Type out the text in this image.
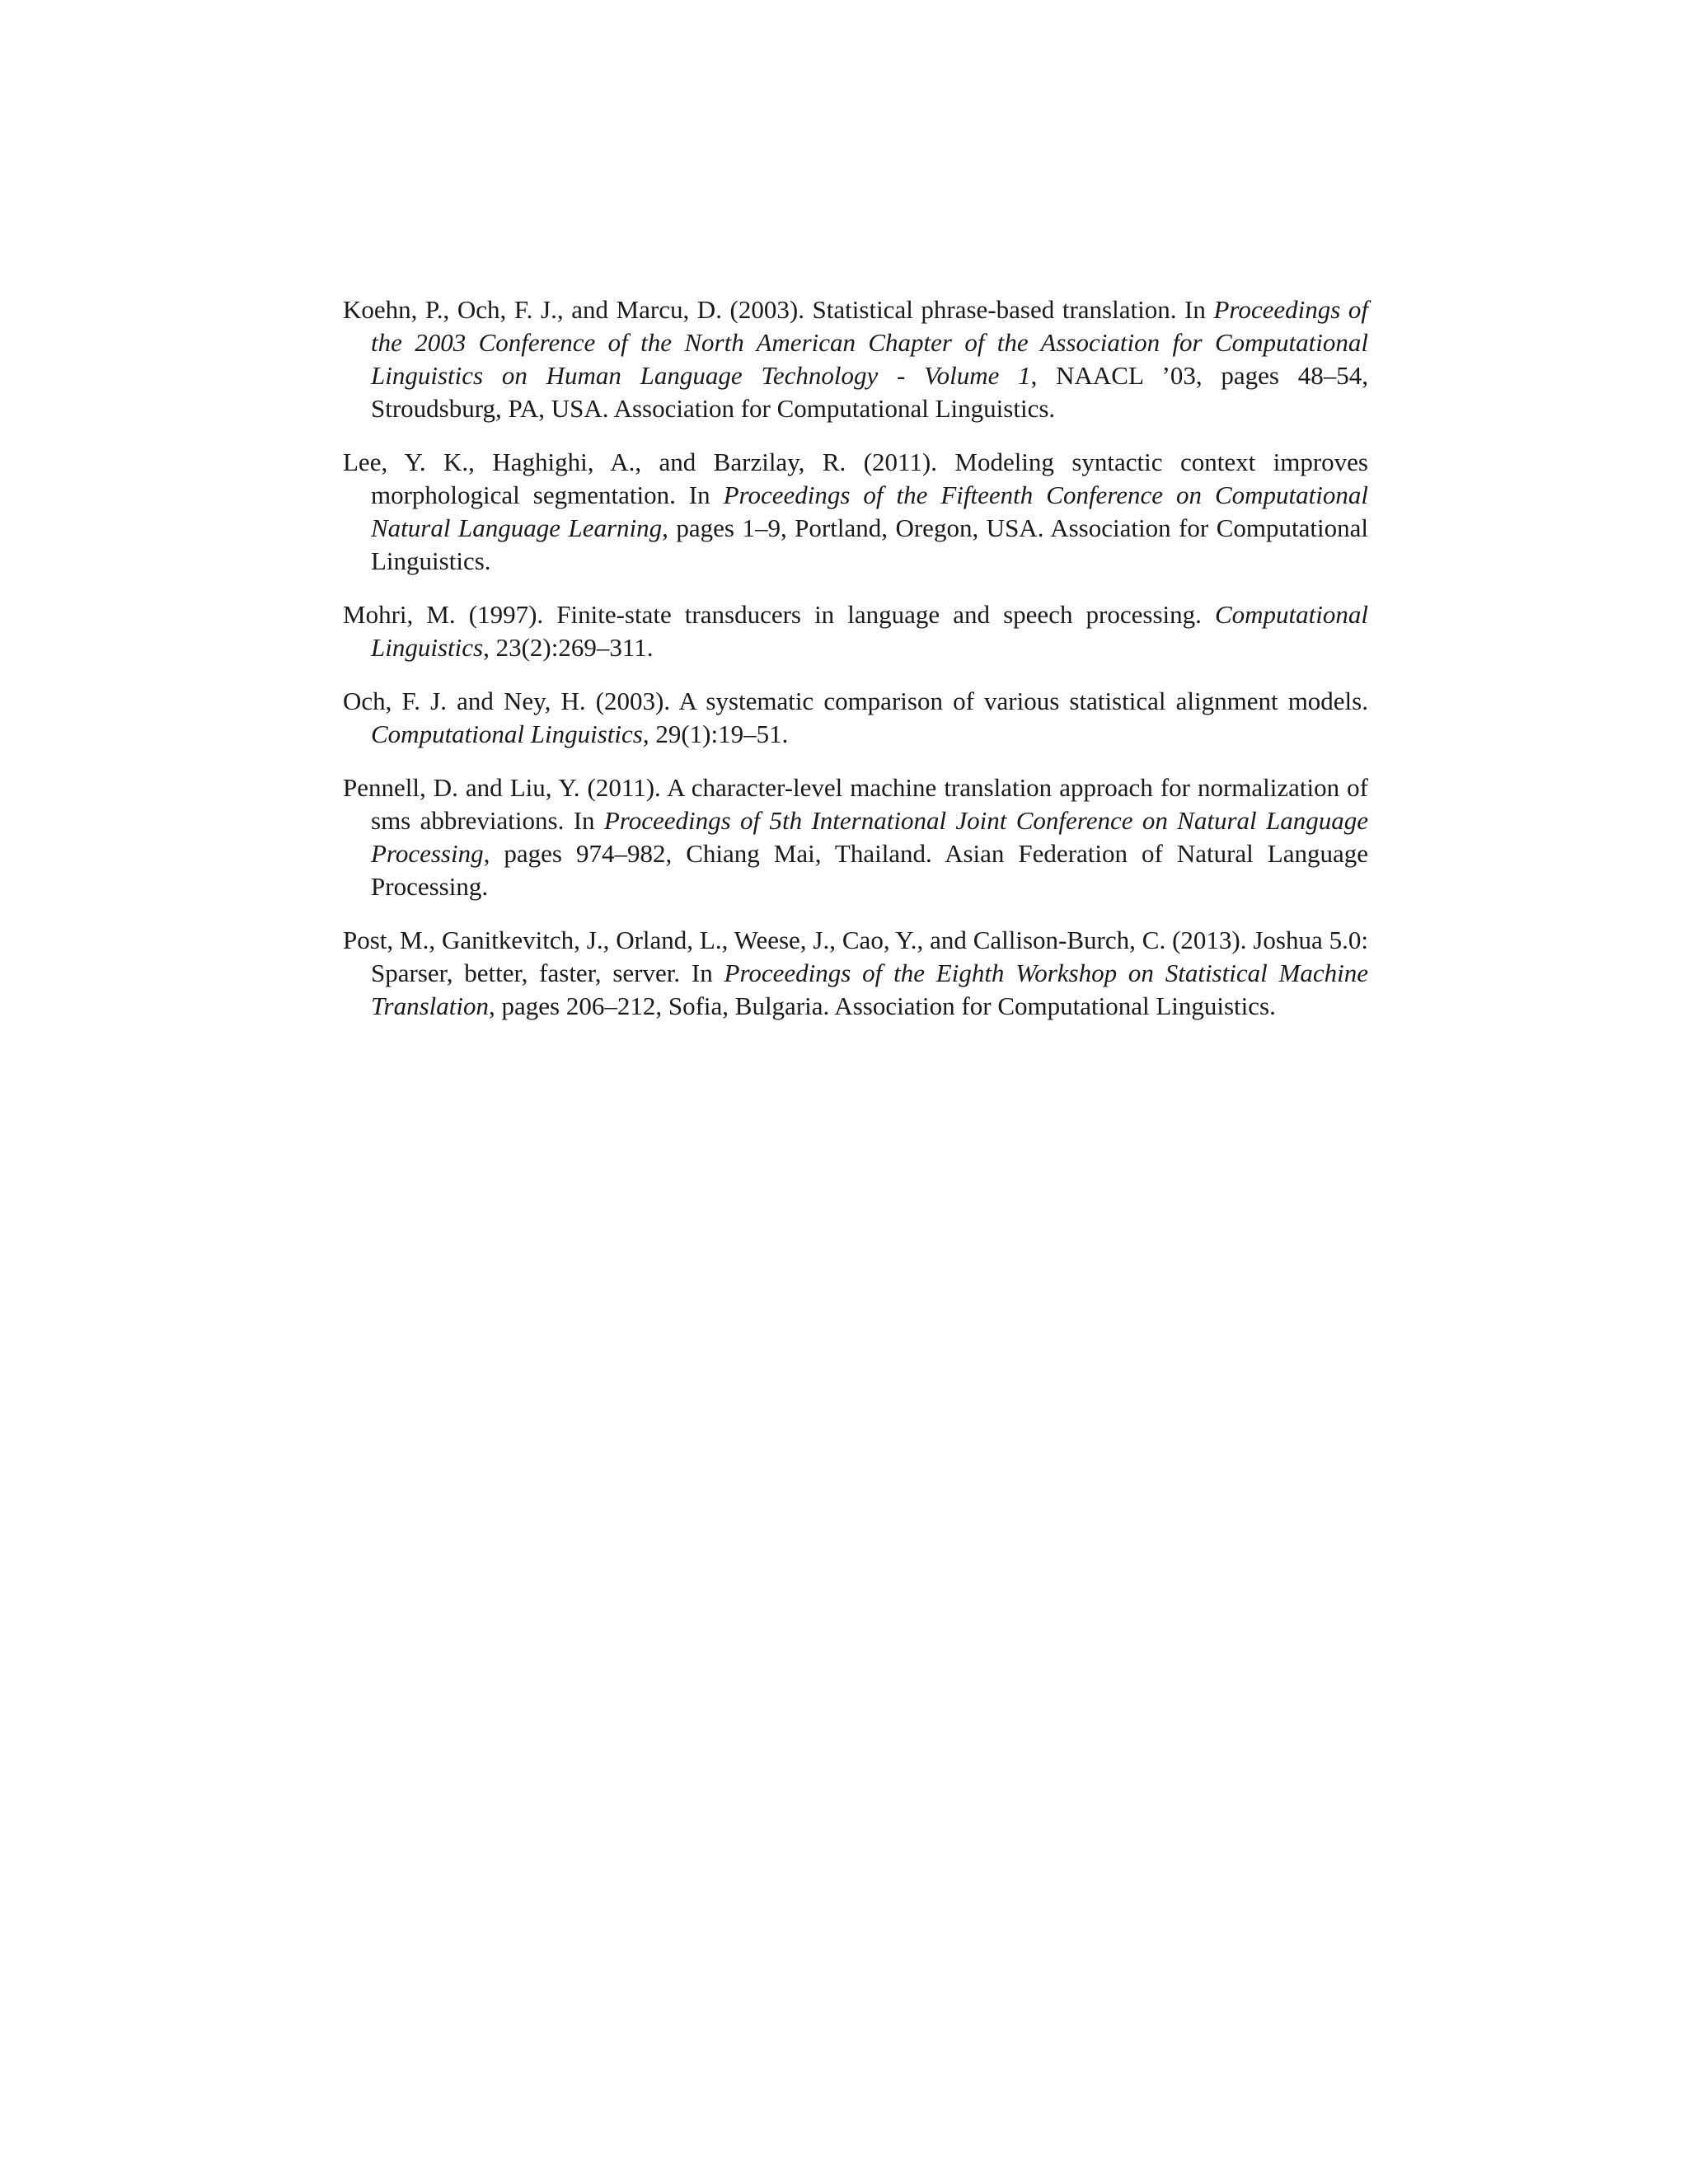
Koehn, P., Och, F. J., and Marcu, D. (2003). Statistical phrase-based translation. In Proceedings of the 2003 Conference of the North American Chapter of the Association for Computational Linguistics on Human Language Technology - Volume 1, NAACL ’03, pages 48–54, Stroudsburg, PA, USA. Association for Computational Linguistics.
Lee, Y. K., Haghighi, A., and Barzilay, R. (2011). Modeling syntactic context improves morphological segmentation. In Proceedings of the Fifteenth Conference on Computational Natural Language Learning, pages 1–9, Portland, Oregon, USA. Association for Computational Linguistics.
Mohri, M. (1997). Finite-state transducers in language and speech processing. Computational Linguistics, 23(2):269–311.
Och, F. J. and Ney, H. (2003). A systematic comparison of various statistical alignment models. Computational Linguistics, 29(1):19–51.
Pennell, D. and Liu, Y. (2011). A character-level machine translation approach for normalization of sms abbreviations. In Proceedings of 5th International Joint Conference on Natural Language Processing, pages 974–982, Chiang Mai, Thailand. Asian Federation of Natural Language Processing.
Post, M., Ganitkevitch, J., Orland, L., Weese, J., Cao, Y., and Callison-Burch, C. (2013). Joshua 5.0: Sparser, better, faster, server. In Proceedings of the Eighth Workshop on Statistical Machine Translation, pages 206–212, Sofia, Bulgaria. Association for Computational Linguistics.
